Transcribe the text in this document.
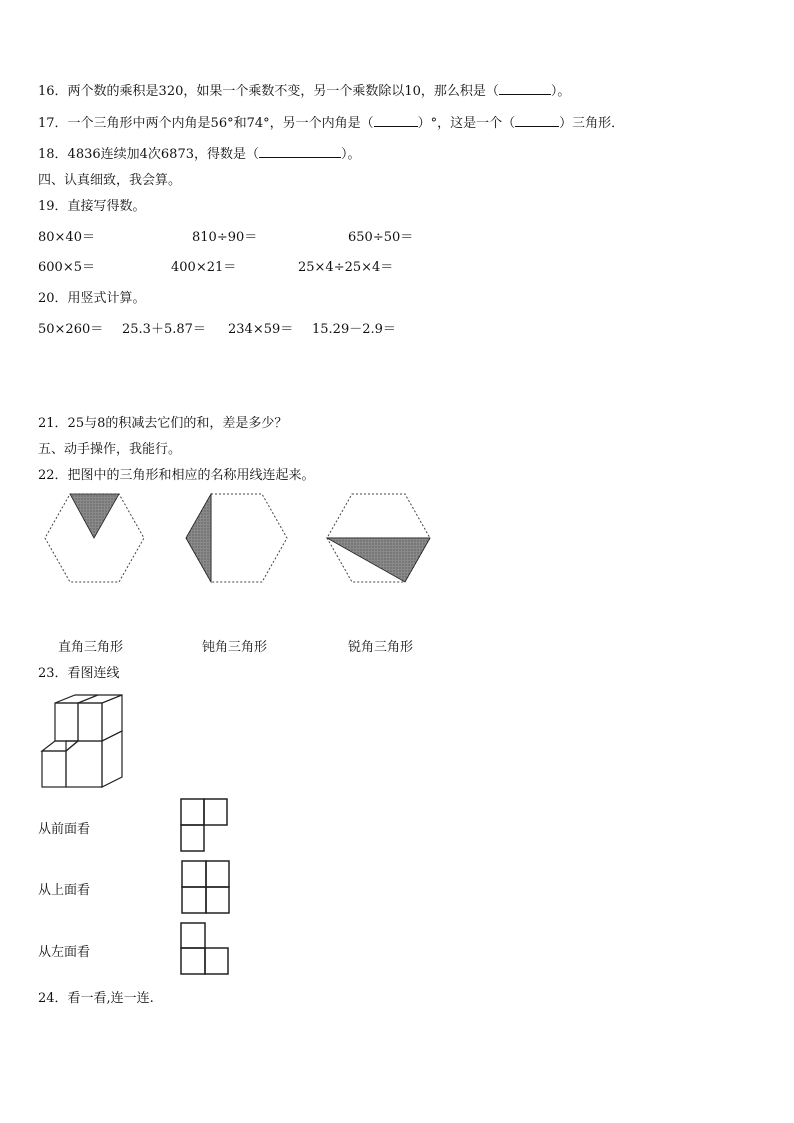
16．两个数的乘积是320，如果一个乘数不变，另一个乘数除以10，那么积是（	）。
17．一个三角形中两个内角是56°和74°，另一个内角是（	）°，这是一个（	）三角形．
18．4836连续加4次6873，得数是（	）。
四、认真细致，我会算。
19．直接写得数。
80×40＝	810÷90＝	650÷50＝
600×5＝	400×21＝	25×4÷25×4＝
20．用竖式计算。
50×260＝ 25.3＋5.87＝ 234×59＝ 15.29－2.9＝
21．25与8的积减去它们的和，差是多少？
五、动手操作，我能行。
22．把图中的三角形和相应的名称用线连起来。
直角三角形	钝角三角形	锐角三角形
23．看图连线
从前面看
从上面看
从左面看
24．看一看,连一连.
